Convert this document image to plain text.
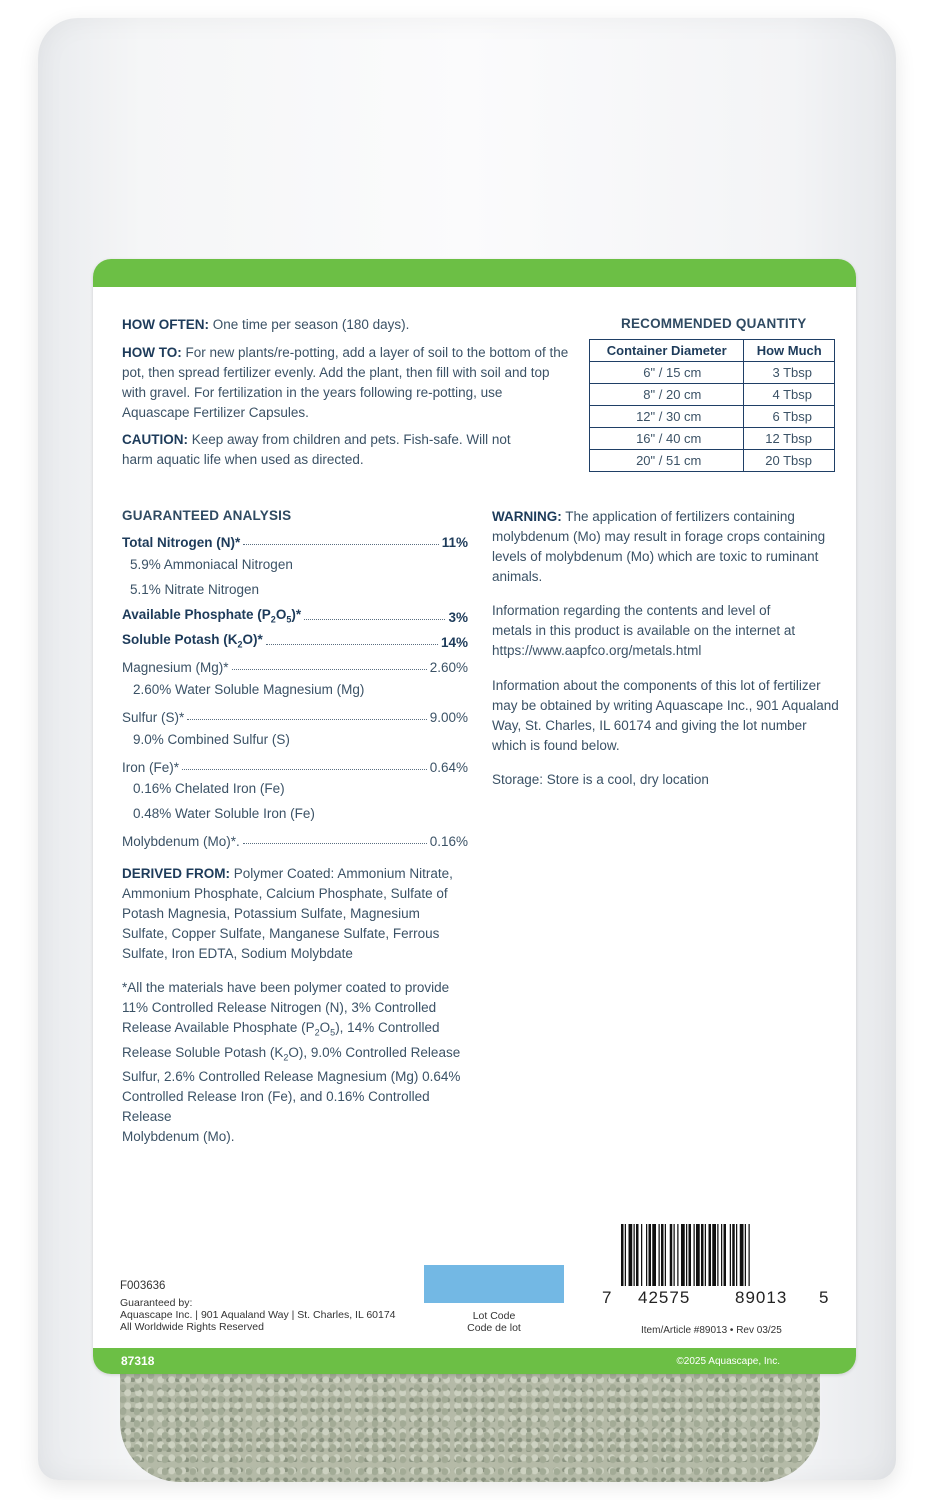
HOW OFTEN: One time per season (180 days).
HOW TO: For new plants/re-potting, add a layer of soil to the bottom of the pot, then spread fertilizer evenly. Add the plant, then fill with soil and top with gravel. For fertilization in the years following re-potting, use Aquascape Fertilizer Capsules.
CAUTION: Keep away from children and pets. Fish-safe. Will not harm aquatic life when used as directed.
RECOMMENDED QUANTITY
Container Diameter	How Much
6" / 15 cm	3 Tbsp
8" / 20 cm	4 Tbsp
12" / 30 cm	6 Tbsp
16" / 40 cm	12 Tbsp
20" / 51 cm	20 Tbsp
GUARANTEED ANALYSIS
Total Nitrogen (N)*	11%
5.9% Ammoniacal Nitrogen
5.1% Nitrate Nitrogen
Available Phosphate $(P_2O_5)*$	3%
Soluble Potash $(K_2O)*$	14%
Magnesium (Mg)*	2.60%
2.60% Water Soluble Magnesium (Mg)
Sulfur (S)*	9.00%
9.0% Combined Sulfur (S)
Iron (Fe)*	0.64%
0.16% Chelated Iron (Fe)
0.48% Water Soluble Iron (Fe)
Molybdenum (Mo)*.	0.16%
DERIVED FROM: Polymer Coated: Ammonium Nitrate, Ammonium Phosphate, Calcium Phosphate, Sulfate of Potash Magnesia, Potassium Sulfate, Magnesium Sulfate, Copper Sulfate, Manganese Sulfate, Ferrous Sulfate, Iron EDTA, Sodium Molybdate
*All the materials have been polymer coated to provide
11% Controlled Release Nitrogen (N), 3% Controlled
Release Available Phosphate $(P_2O_5)$, 14% Controlled
Release Soluble Potash $(K_2O)$, 9.0% Controlled Release
Sulfur, 2.6% Controlled Release Magnesium (Mg) 0.64%
Controlled Release Iron (Fe), and 0.16% Controlled Release
Molybdenum (Mo).
WARNING: The application of fertilizers containing molybdenum (Mo) may result in forage crops containing levels of molybdenum (Mo) which are toxic to ruminant animals.
Information regarding the contents and level of metals in this product is available on the internet at https://www.aapfco.org/metals.html
Information about the components of this lot of fertilizer may be obtained by writing Aquascape Inc., 901 Aqualand Way, St. Charles, IL 60174 and giving the lot number which is found below.
Storage: Store is a cool, dry location
F003636
Guaranteed by:
Aquascape Inc. | 901 Aqualand Way | St. Charles, IL 60174
All Worldwide Rights Reserved
Lot Code
Code de lot
7 42575	89013 5
Item/Article #89013 • Rev 03/25
87318	©2025 Aquascape, Inc.
